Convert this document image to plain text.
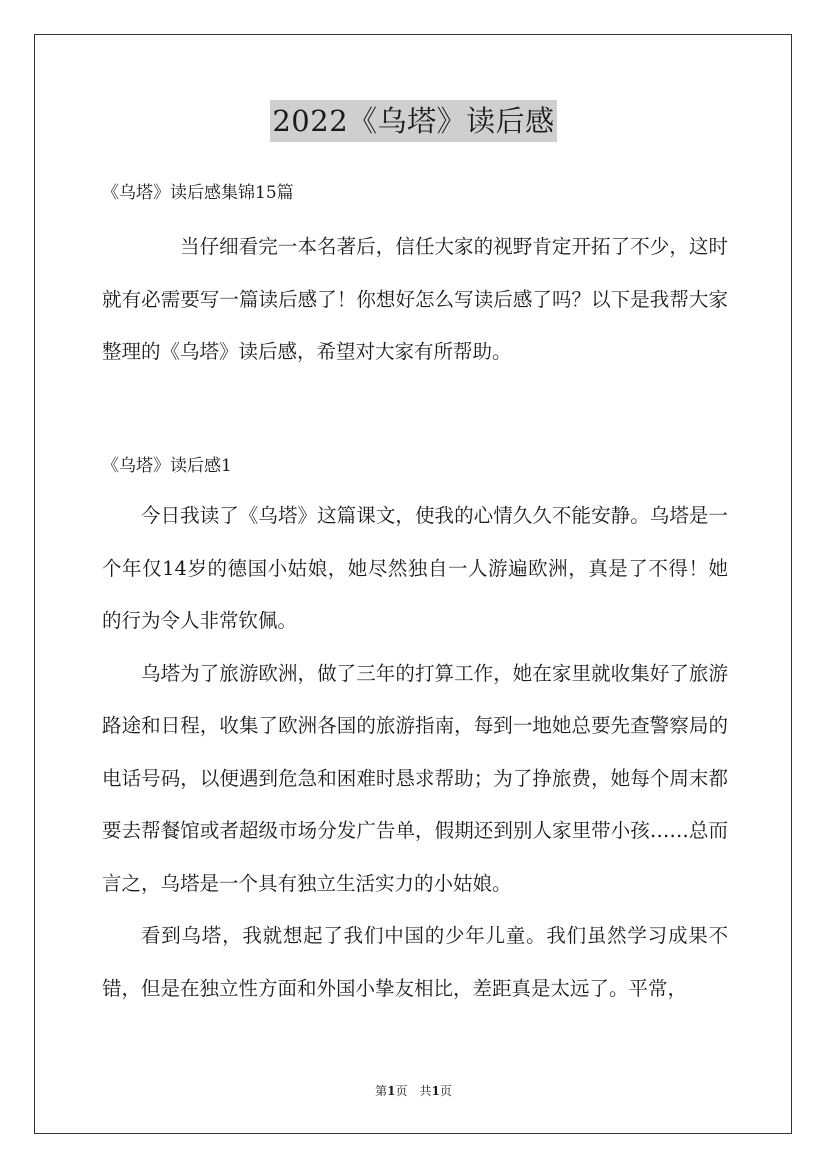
2022《乌塔》读后感
《乌塔》读后感集锦15篇
当仔细看完一本名著后，信任大家的视野肯定开拓了不少，这时就有必需要写一篇读后感了！你想好怎么写读后感了吗？以下是我帮大家整理的《乌塔》读后感，希望对大家有所帮助。
《乌塔》读后感1
今日我读了《乌塔》这篇课文，使我的心情久久不能安静。乌塔是一个年仅14岁的德国小姑娘，她尽然独自一人游遍欧洲，真是了不得！她的行为令人非常钦佩。
乌塔为了旅游欧洲，做了三年的打算工作，她在家里就收集好了旅游路途和日程，收集了欧洲各国的旅游指南，每到一地她总要先查警察局的电话号码，以便遇到危急和困难时恳求帮助；为了挣旅费，她每个周末都要去帮餐馆或者超级市场分发广告单，假期还到别人家里带小孩……总而言之，乌塔是一个具有独立生活实力的小姑娘。
看到乌塔，我就想起了我们中国的少年儿童。我们虽然学习成果不错，但是在独立性方面和外国小挚友相比，差距真是太远了。平常，
第1页　共1页
